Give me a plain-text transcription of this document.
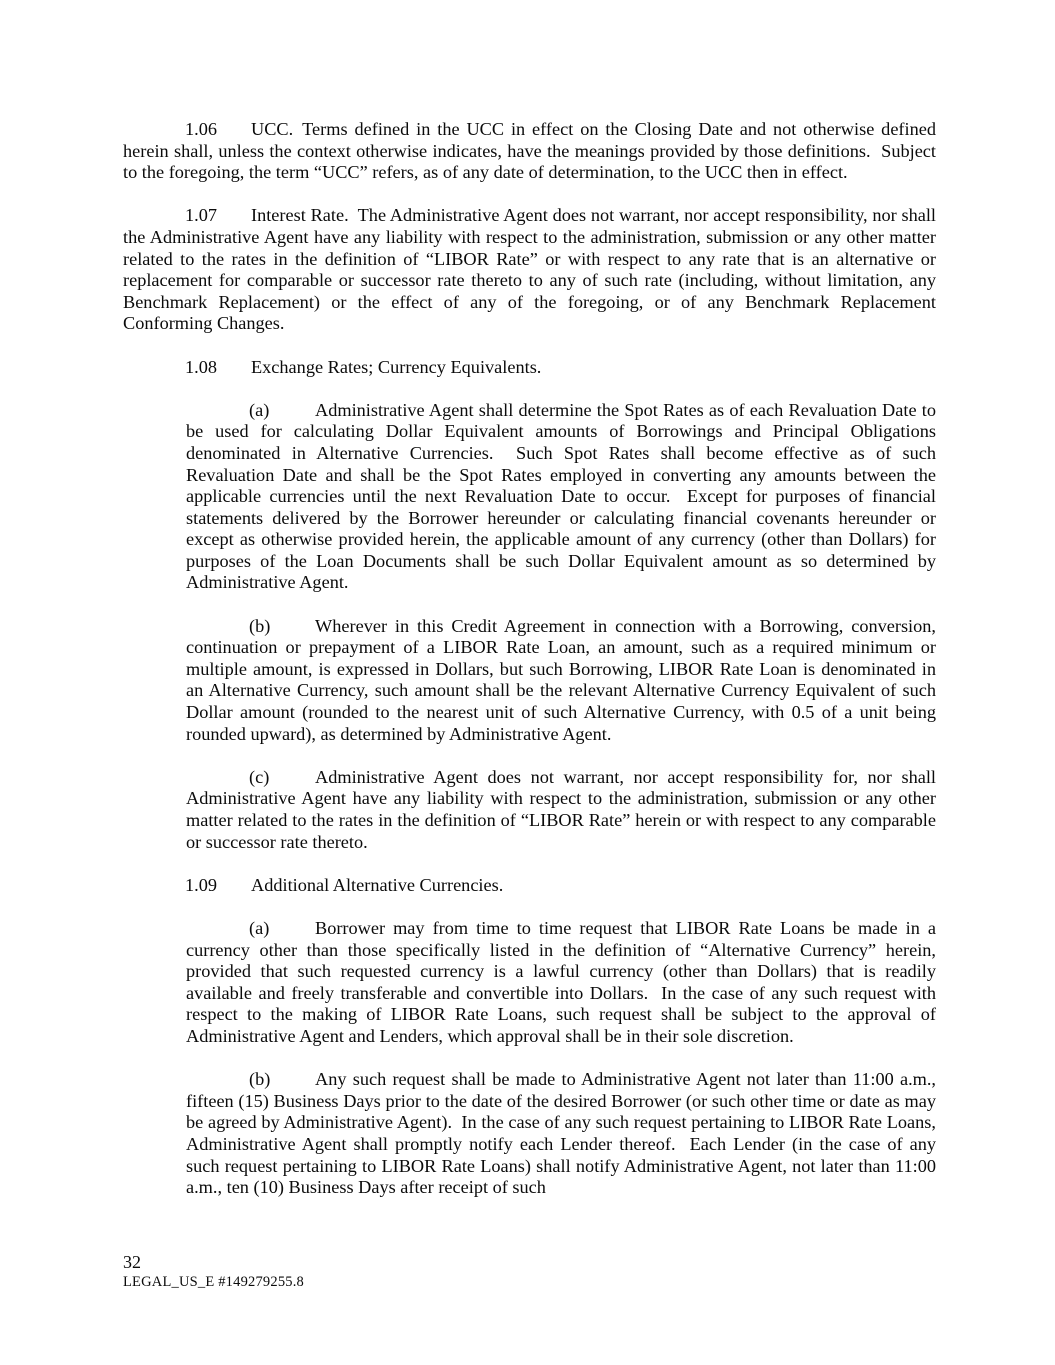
1.06 UCC. Terms defined in the UCC in effect on the Closing Date and not otherwise defined herein shall, unless the context otherwise indicates, have the meanings provided by those definitions.  Subject to the foregoing, the term “UCC” refers, as of any date of determination, to the UCC then in effect.

1.07 Interest Rate. The Administrative Agent does not warrant, nor accept responsibility, nor shall the Administrative Agent have any liability with respect to the administration, submission or any other matter related to the rates in the definition of “LIBOR Rate” or with respect to any rate that is an alternative or replacement for comparable or successor rate thereto to any of such rate (including, without limitation, any Benchmark Replacement) or the effect of any of the foregoing, or of any Benchmark Replacement Conforming Changes.

1.08 Exchange Rates; Currency Equivalents.

(a) Administrative Agent shall determine the Spot Rates as of each Revaluation Date to be used for calculating Dollar Equivalent amounts of Borrowings and Principal Obligations denominated in Alternative Currencies.  Such Spot Rates shall become effective as of such Revaluation Date and shall be the Spot Rates employed in converting any amounts between the applicable currencies until the next Revaluation Date to occur.  Except for purposes of financial statements delivered by the Borrower hereunder or calculating financial covenants hereunder or except as otherwise provided herein, the applicable amount of any currency (other than Dollars) for purposes of the Loan Documents shall be such Dollar Equivalent amount as so determined by Administrative Agent.

(b) Wherever in this Credit Agreement in connection with a Borrowing, conversion, continuation or prepayment of a LIBOR Rate Loan, an amount, such as a required minimum or multiple amount, is expressed in Dollars, but such Borrowing, LIBOR Rate Loan is denominated in an Alternative Currency, such amount shall be the relevant Alternative Currency Equivalent of such Dollar amount (rounded to the nearest unit of such Alternative Currency, with 0.5 of a unit being rounded upward), as determined by Administrative Agent.

(c) Administrative Agent does not warrant, nor accept responsibility for, nor shall Administrative Agent have any liability with respect to the administration, submission or any other matter related to the rates in the definition of “LIBOR Rate” herein or with respect to any comparable or successor rate thereto.

1.09 Additional Alternative Currencies.

(a) Borrower may from time to time request that LIBOR Rate Loans be made in a currency other than those specifically listed in the definition of “Alternative Currency” herein, provided that such requested currency is a lawful currency (other than Dollars) that is readily available and freely transferable and convertible into Dollars.  In the case of any such request with respect to the making of LIBOR Rate Loans, such request shall be subject to the approval of Administrative Agent and Lenders, which approval shall be in their sole discretion.

(b) Any such request shall be made to Administrative Agent not later than 11:00 a.m., fifteen (15) Business Days prior to the date of the desired Borrower (or such other time or date as may be agreed by Administrative Agent).  In the case of any such request pertaining to LIBOR Rate Loans, Administrative Agent shall promptly notify each Lender thereof.  Each Lender (in the case of any such request pertaining to LIBOR Rate Loans) shall notify Administrative Agent, not later than 11:00 a.m., ten (10) Business Days after receipt of such

32
LEGAL_US_E #149279255.8
